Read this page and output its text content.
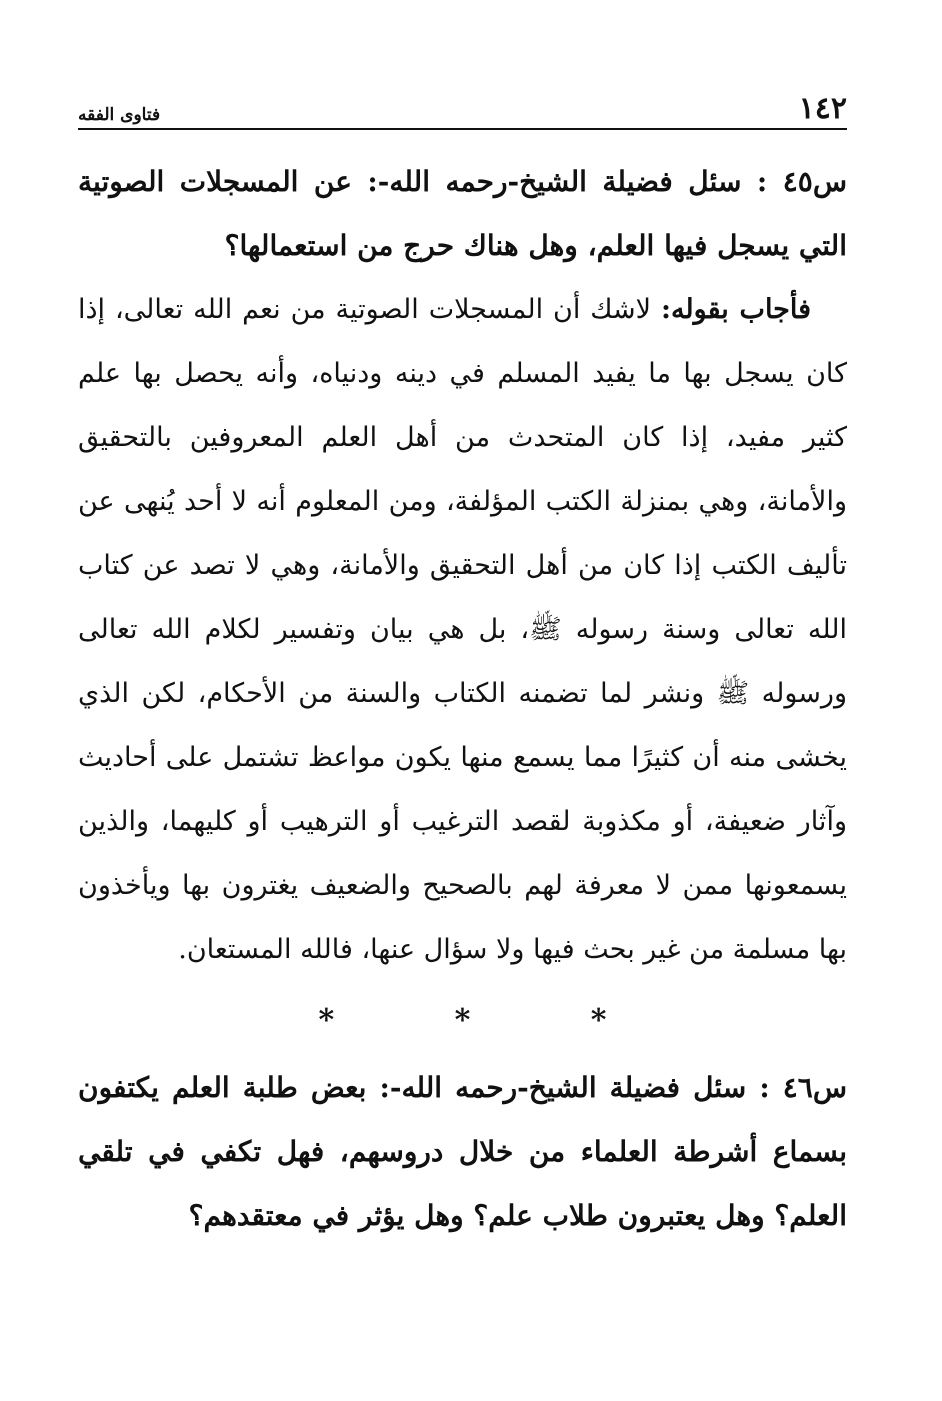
١٤٢
فتاوى الفقه

س٤٥ : سئل فضيلة الشيخ-رحمه الله-: عن المسجلات الصوتية التي يسجل فيها العلم، وهل هناك حرج من استعمالها؟

فأجاب بقوله: لاشك أن المسجلات الصوتية من نعم الله تعالى، إذا كان يسجل بها ما يفيد المسلم في دينه ودنياه، وأنه يحصل بها علم كثير مفيد، إذا كان المتحدث من أهل العلم المعروفين بالتحقيق والأمانة، وهي بمنزلة الكتب المؤلفة، ومن المعلوم أنه لا أحد يُنهى عن تأليف الكتب إذا كان من أهل التحقيق والأمانة، وهي لا تصد عن كتاب الله تعالى وسنة رسوله ﷺ، بل هي بيان وتفسير لكلام الله تعالى ورسوله ﷺ ونشر لما تضمنه الكتاب والسنة من الأحكام، لكن الذي يخشى منه أن كثيرًا مما يسمع منها يكون مواعظ تشتمل على أحاديث وآثار ضعيفة، أو مكذوبة لقصد الترغيب أو الترهيب أو كليهما، والذين يسمعونها ممن لا معرفة لهم بالصحيح والضعيف يغترون بها ويأخذون بها مسلمة من غير بحث فيها ولا سؤال عنها، فالله المستعان.

* * *

س٤٦ : سئل فضيلة الشيخ-رحمه الله-: بعض طلبة العلم يكتفون بسماع أشرطة العلماء من خلال دروسهم، فهل تكفي في تلقي العلم؟ وهل يعتبرون طلاب علم؟ وهل يؤثر في معتقدهم؟
